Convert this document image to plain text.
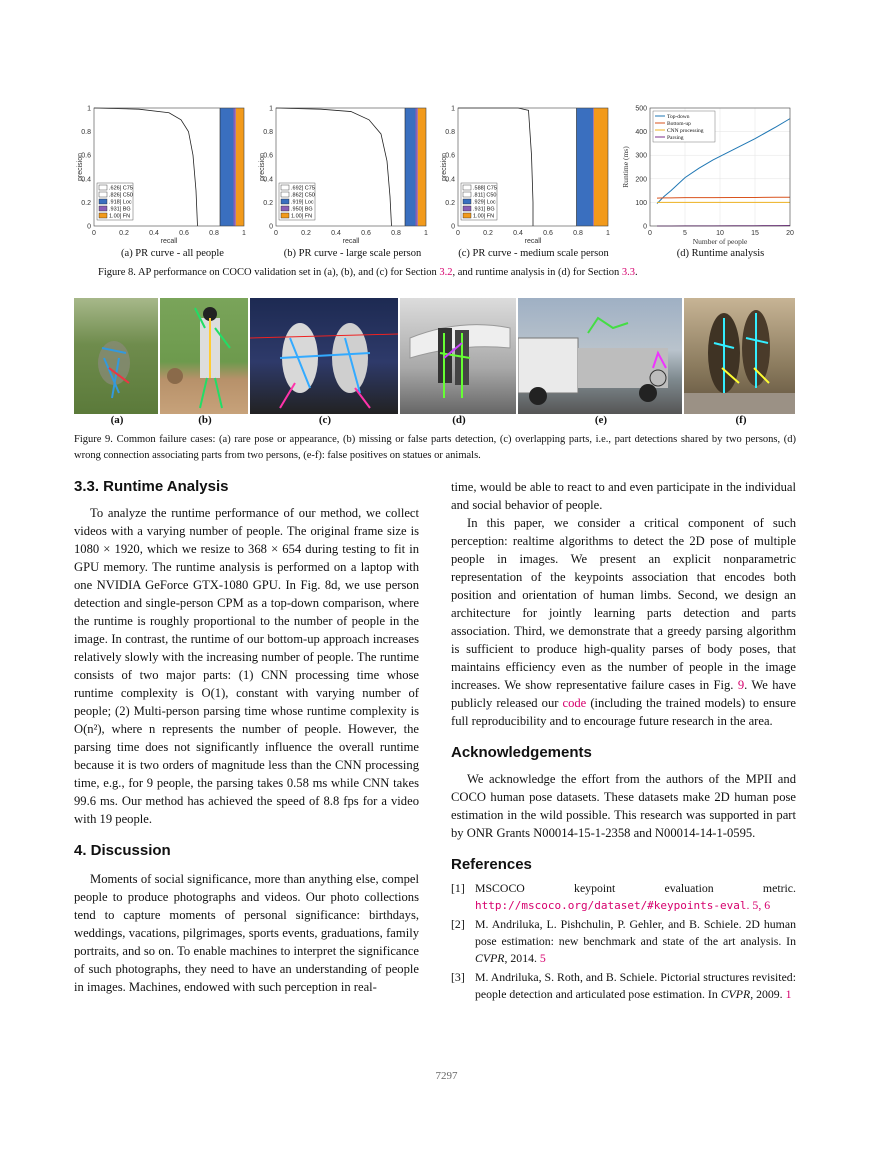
0	0.2	0.4	0.6	0.8	1
0
0.2
0.4
0.6
0.8
1
recall
precision
.626] C75
.826] C50
.918] Loc
.931] BG
1.00] FN
0	0.2	0.4	0.6	0.8	1
0
0.2
0.4
0.6
0.8
1
recall
precision
.692] C75
.862] C50
.919] Loc
.950] BG
1.00] FN
0	0.2	0.4	0.6	0.8	1
0
0.2
0.4
0.6
0.8
1
recall
precision
.588] C75
.811] C50
.929] Loc
.931] BG
1.00] FN
0	5	10	15	20
0
100
200
300
400
500
Number of people
Runtime (ms)
Top-down
Bottom-up
CNN processing
Parsing
(a) PR curve - all people	(b) PR curve - large scale person	(c) PR curve - medium scale person	(d) Runtime analysis
Figure 8. AP performance on COCO validation set in (a), (b), and (c) for Section 3.2, and runtime analysis in (d) for Section 3.3.
(a)	(b)	(c)	(d)	(e)	(f)
Figure 9. Common failure cases: (a) rare pose or appearance, (b) missing or false parts detection, (c) overlapping parts, i.e., part detections shared by two persons, (d) wrong connection associating parts from two persons, (e-f): false positives on statues or animals.
3.3. Runtime Analysis

To analyze the runtime performance of our method, we collect videos with a varying number of people. The original frame size is 1080 × 1920, which we resize to 368 × 654 during testing to fit in GPU memory. The runtime analysis is performed on a laptop with one NVIDIA GeForce GTX-1080 GPU. In Fig. 8d, we use person detection and single-person CPM as a top-down comparison, where the runtime is roughly proportional to the number of people in the image. In contrast, the runtime of our bottom-up approach increases relatively slowly with the increasing number of people. The runtime consists of two major parts: (1) CNN processing time whose runtime complexity is O(1), constant with varying number of people; (2) Multi-person parsing time whose runtime complexity is O(n²), where n represents the number of people. However, the parsing time does not significantly influence the overall runtime because it is two orders of magnitude less than the CNN processing time, e.g., for 9 people, the parsing takes 0.58 ms while CNN takes 99.6 ms. Our method has achieved the speed of 8.8 fps for a video with 19 people.

4. Discussion

Moments of social significance, more than anything else, compel people to produce photographs and videos. Our photo collections tend to capture moments of personal significance: birthdays, weddings, vacations, pilgrimages, sports events, graduations, family portraits, and so on. To enable machines to interpret the significance of such photographs, they need to have an understanding of people in images. Machines, endowed with such perception in real-

time, would be able to react to and even participate in the individual and social behavior of people.

In this paper, we consider a critical component of such perception: realtime algorithms to detect the 2D pose of multiple people in images. We present an explicit nonparametric representation of the keypoints association that encodes both position and orientation of human limbs. Second, we design an architecture for jointly learning parts detection and parts association. Third, we demonstrate that a greedy parsing algorithm is sufficient to produce high-quality parses of body poses, that maintains efficiency even as the number of people in the image increases. We show representative failure cases in Fig. 9. We have publicly released our code (including the trained models) to ensure full reproducibility and to encourage future research in the area.

Acknowledgements

We acknowledge the effort from the authors of the MPII and COCO human pose datasets. These datasets make 2D human pose estimation in the wild possible. This research was supported in part by ONR Grants N00014-15-1-2358 and N00014-14-1-0595.

References
[1] MSCOCO keypoint evaluation metric. http://mscoco.org/dataset/#keypoints-eval. 5, 6
[2] M. Andriluka, L. Pishchulin, P. Gehler, and B. Schiele. 2D human pose estimation: new benchmark and state of the art analysis. In CVPR, 2014. 5
[3] M. Andriluka, S. Roth, and B. Schiele. Pictorial structures revisited: people detection and articulated pose estimation. In CVPR, 2009. 1
7297
